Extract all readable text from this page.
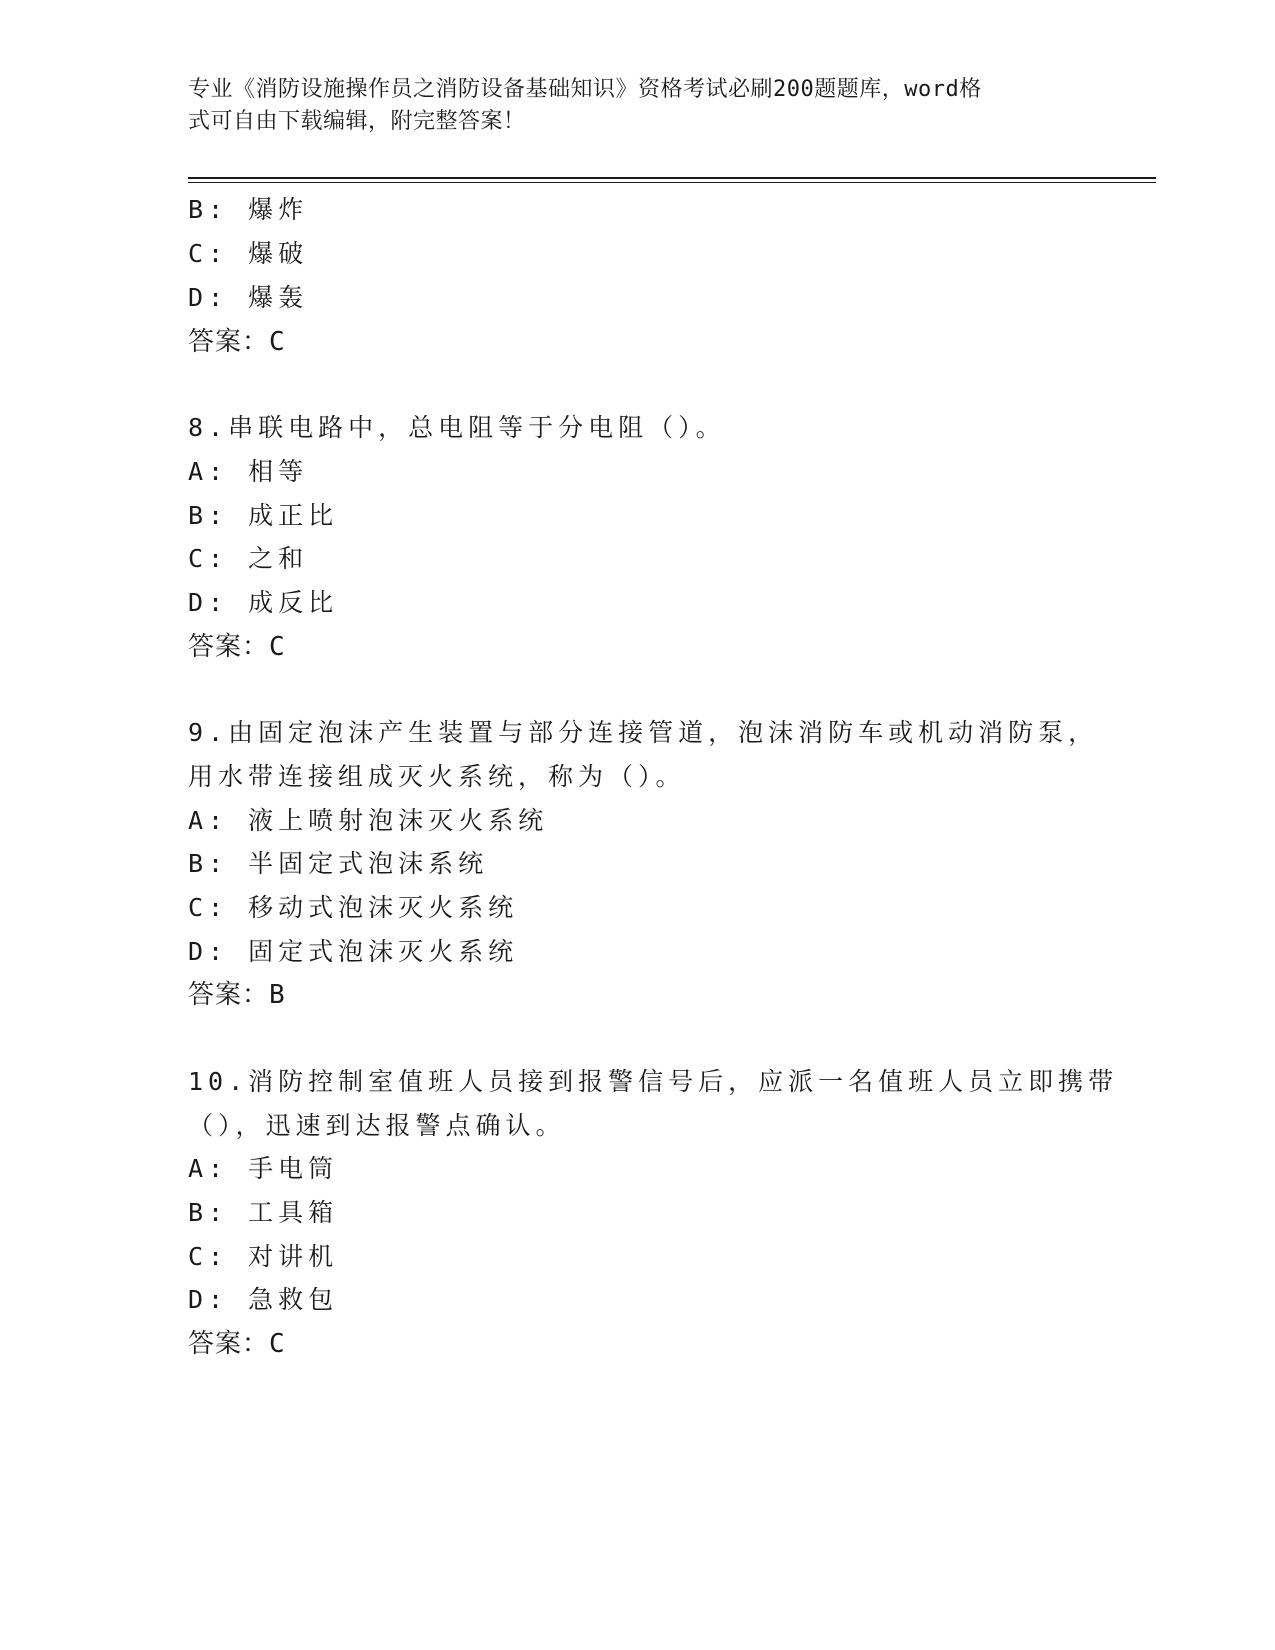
专业《消防设施操作员之消防设备基础知识》资格考试必刷200题题库，word格
式可自由下载编辑，附完整答案！
B: 爆炸
C: 爆破
D: 爆轰
答案：C
8.串联电路中，总电阻等于分电阻（）。
A: 相等
B: 成正比
C: 之和
D: 成反比
答案：C
9.由固定泡沫产生装置与部分连接管道，泡沫消防车或机动消防泵，
用水带连接组成灭火系统，称为（）。
A: 液上喷射泡沫灭火系统
B: 半固定式泡沫系统
C: 移动式泡沫灭火系统
D: 固定式泡沫灭火系统
答案：B
10.消防控制室值班人员接到报警信号后，应派一名值班人员立即携带
（），迅速到达报警点确认。
A: 手电筒
B: 工具箱
C: 对讲机
D: 急救包
答案：C
